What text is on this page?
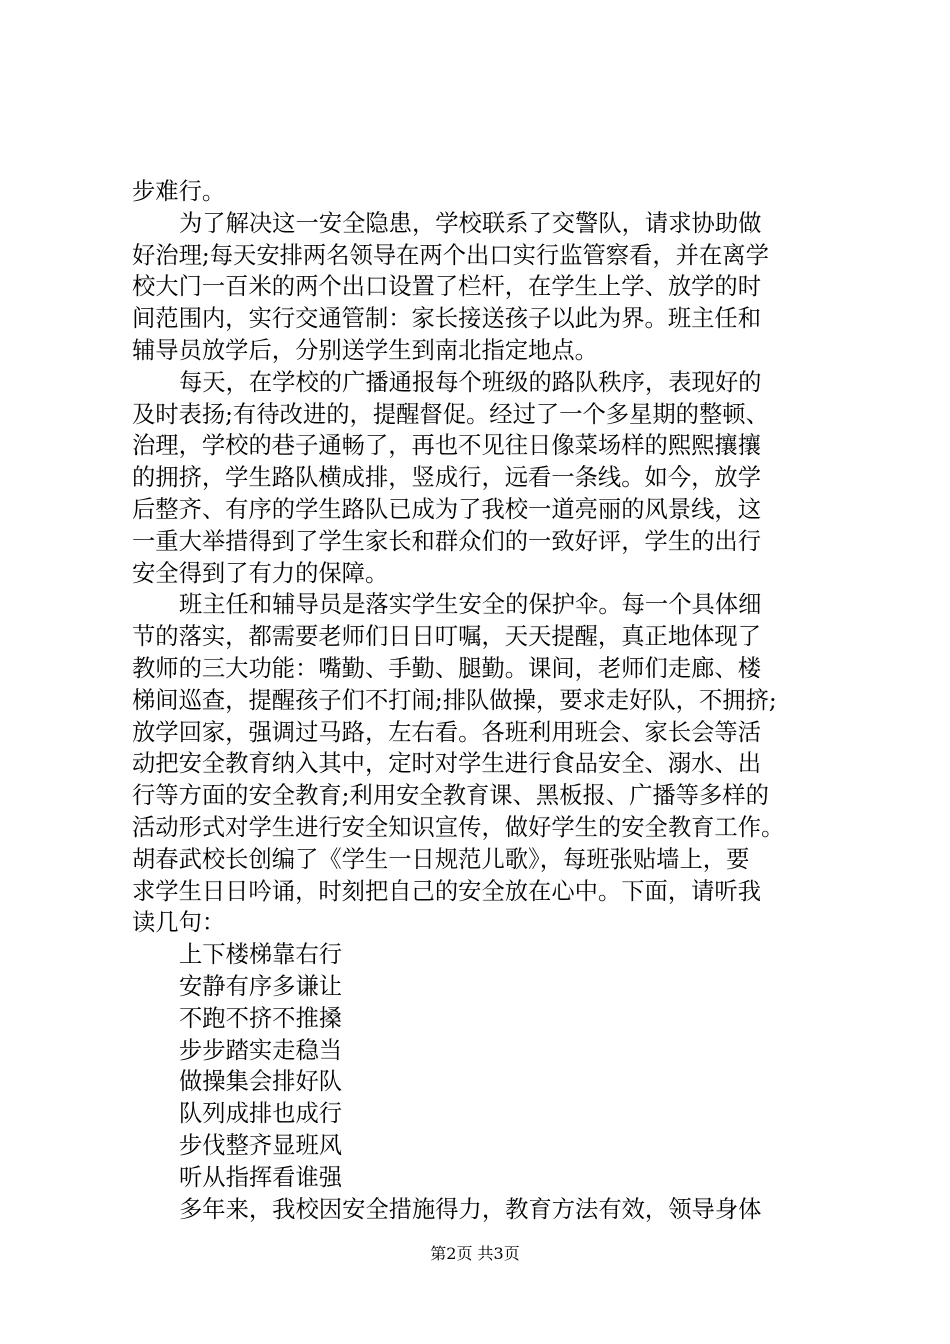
步难行。
为了解决这一安全隐患，学校联系了交警队，请求协助做
好治理;每天安排两名领导在两个出口实行监管察看，并在离学
校大门一百米的两个出口设置了栏杆，在学生上学、放学的时
间范围内，实行交通管制：家长接送孩子以此为界。班主任和
辅导员放学后，分别送学生到南北指定地点。
每天，在学校的广播通报每个班级的路队秩序，表现好的
及时表扬;有待改进的，提醒督促。经过了一个多星期的整顿、
治理，学校的巷子通畅了，再也不见往日像菜场样的熙熙攘攘
的拥挤，学生路队横成排，竖成行，远看一条线。如今，放学
后整齐、有序的学生路队已成为了我校一道亮丽的风景线，这
一重大举措得到了学生家长和群众们的一致好评，学生的出行
安全得到了有力的保障。
班主任和辅导员是落实学生安全的保护伞。每一个具体细
节的落实，都需要老师们日日叮嘱，天天提醒，真正地体现了
教师的三大功能：嘴勤、手勤、腿勤。课间，老师们走廊、楼
梯间巡查，提醒孩子们不打闹;排队做操，要求走好队，不拥挤;
放学回家，强调过马路，左右看。各班利用班会、家长会等活
动把安全教育纳入其中，定时对学生进行食品安全、溺水、出
行等方面的安全教育;利用安全教育课、黑板报、广播等多样的
活动形式对学生进行安全知识宣传，做好学生的安全教育工作。
胡春武校长创编了《学生一日规范儿歌》，每班张贴墙上，要
求学生日日吟诵，时刻把自己的安全放在心中。下面，请听我
读几句：
上下楼梯靠右行
安静有序多谦让
不跑不挤不推搡
步步踏实走稳当
做操集会排好队
队列成排也成行
步伐整齐显班风
听从指挥看谁强
多年来，我校因安全措施得力，教育方法有效，领导身体
第2页 共3页
